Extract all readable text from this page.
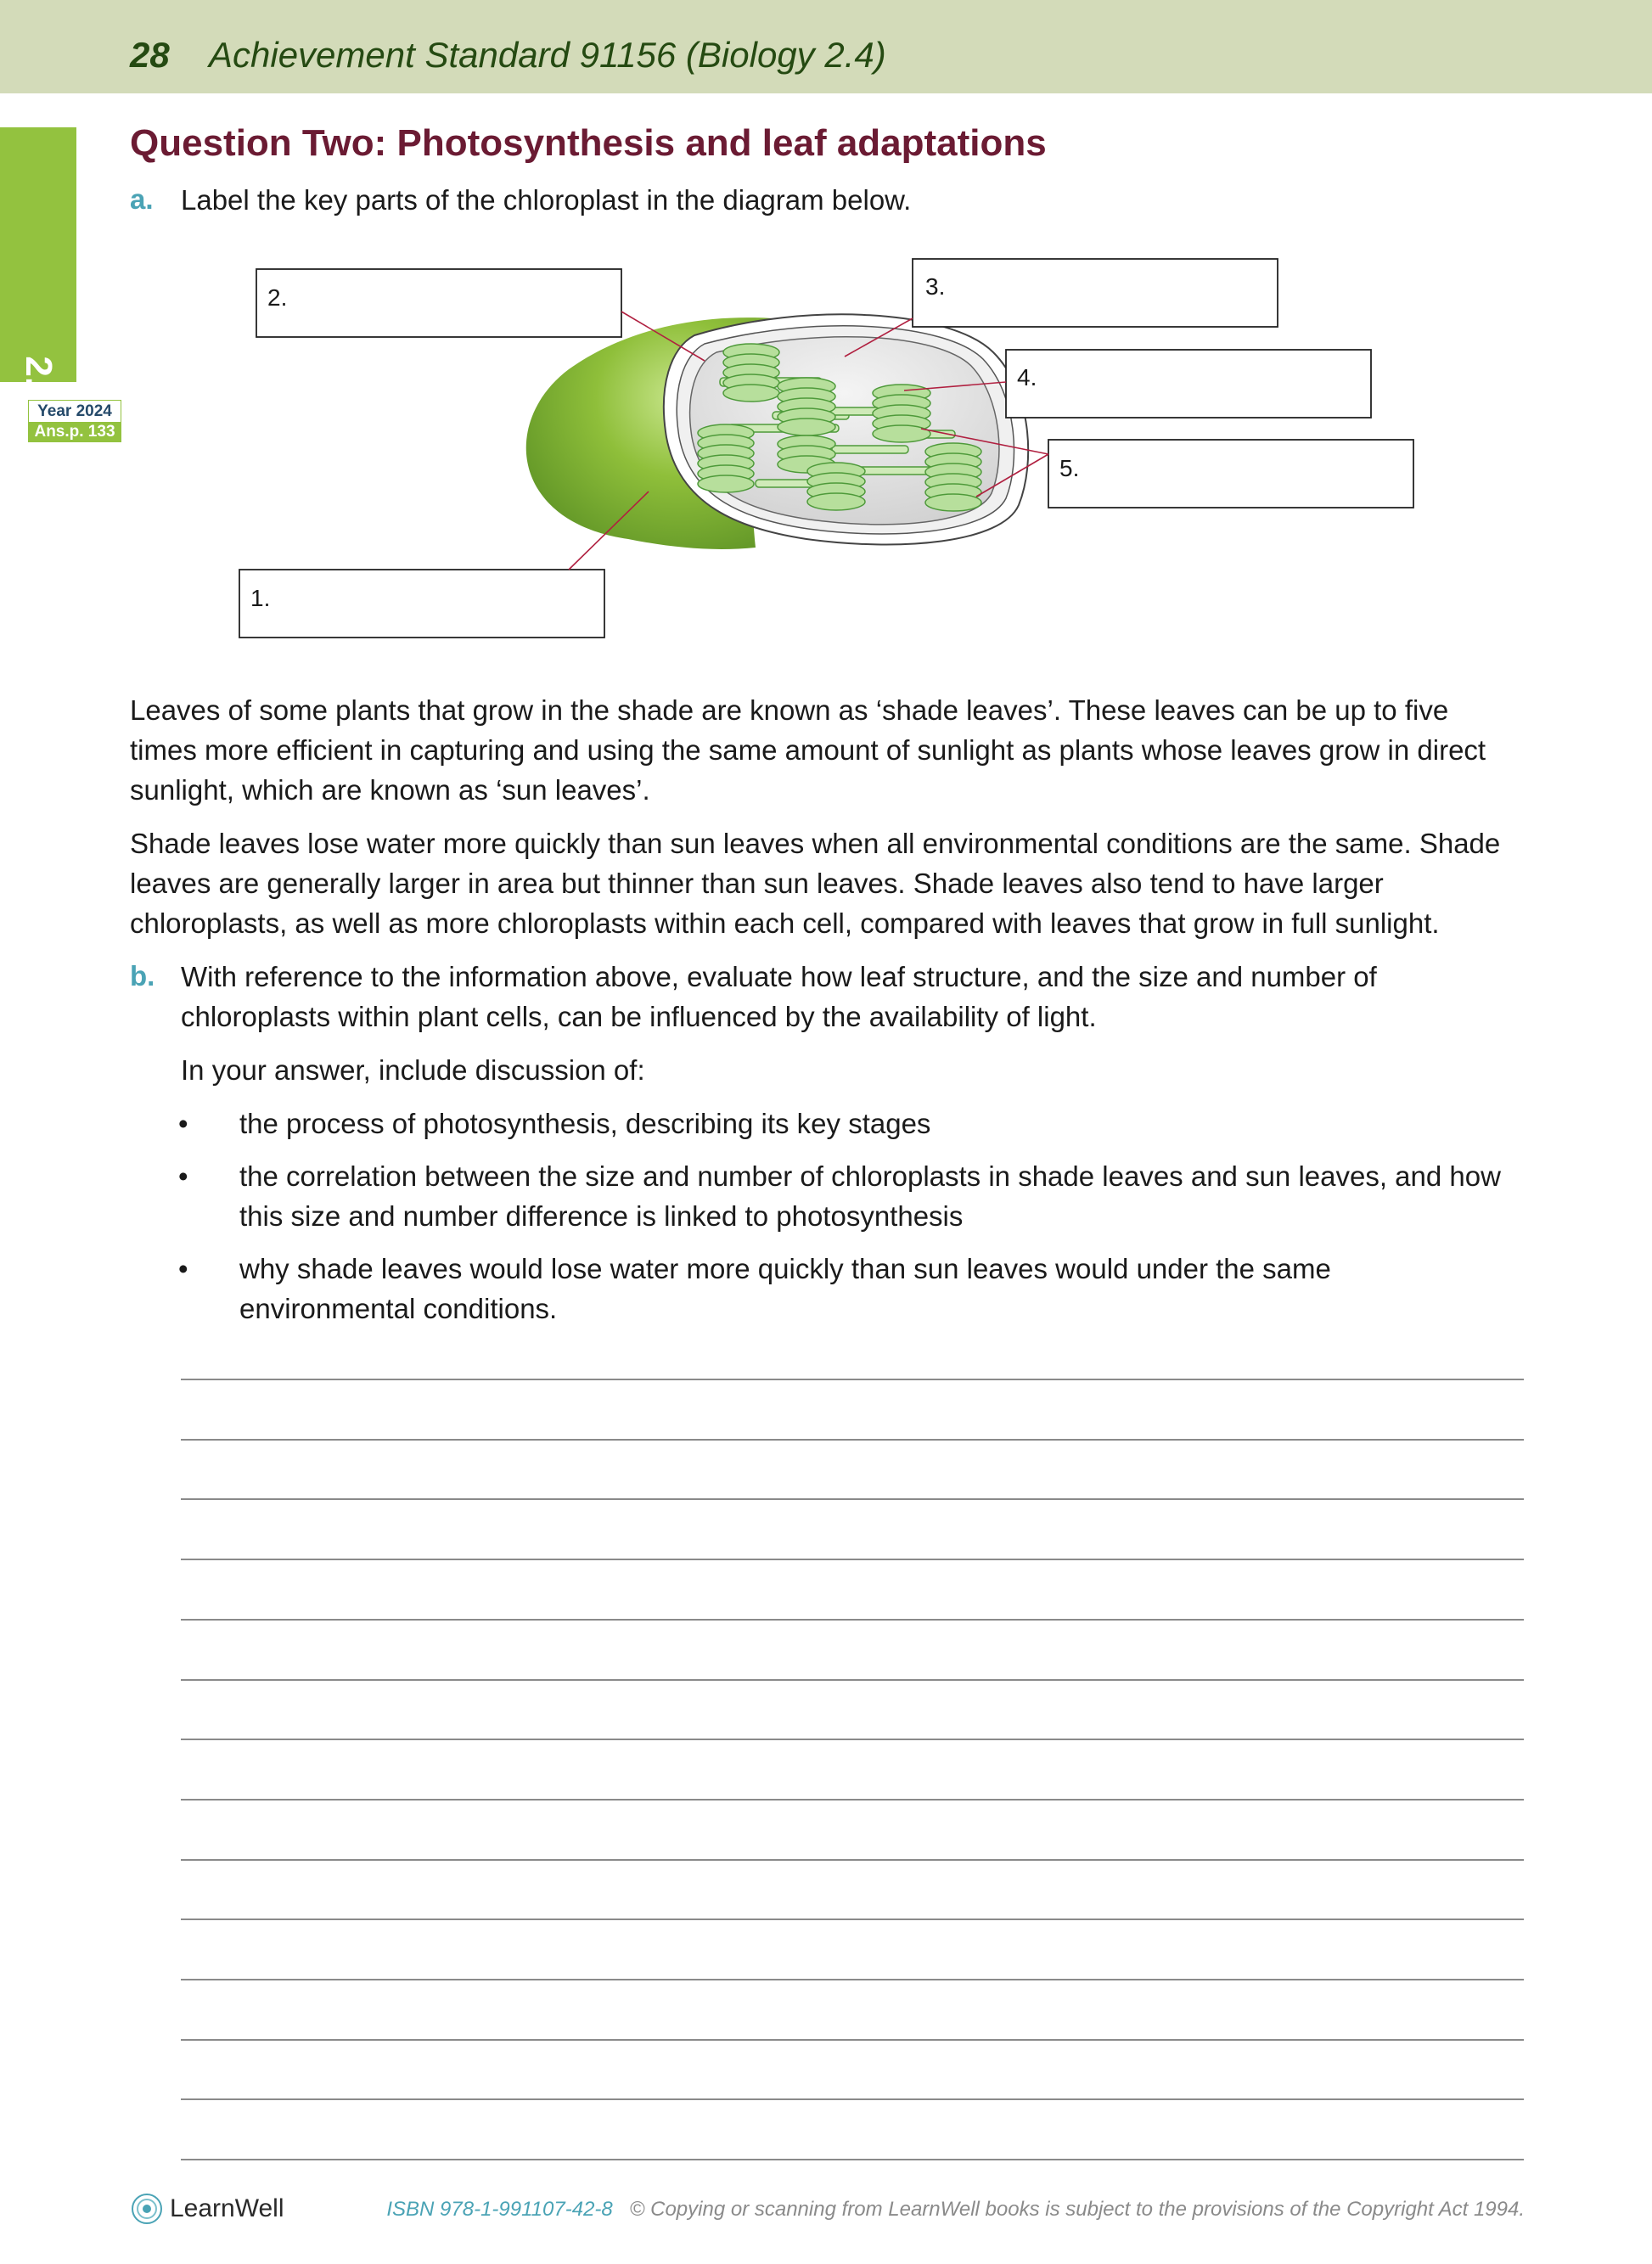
28 Achievement Standard 91156 (Biology 2.4)
2.4
Year 2024
Ans.p. 133
Question Two: Photosynthesis and leaf adaptations
a. Label the key parts of the chloroplast in the diagram below.
2.	3.
4.
5.
1.
Leaves of some plants that grow in the shade are known as ‘shade leaves’. These leaves can be up to five times more efficient in capturing and using the same amount of sunlight as plants whose leaves grow in direct sunlight, which are known as ‘sun leaves’.
Shade leaves lose water more quickly than sun leaves when all environmental conditions are the same. Shade leaves are generally larger in area but thinner than sun leaves. Shade leaves also tend to have larger chloroplasts, as well as more chloroplasts within each cell, compared with leaves that grow in full sunlight.
b. With reference to the information above, evaluate how leaf structure, and the size and number of chloroplasts within plant cells, can be influenced by the availability of light.
In your answer, include discussion of:
• the process of photosynthesis, describing its key stages
• the correlation between the size and number of chloroplasts in shade leaves and sun leaves, and how this size and number difference is linked to photosynthesis
• why shade leaves would lose water more quickly than sun leaves would under the same environmental conditions.
LearnWell	ISBN 978-1-991107-42-8 © Copying or scanning from LearnWell books is subject to the provisions of the Copyright Act 1994.
